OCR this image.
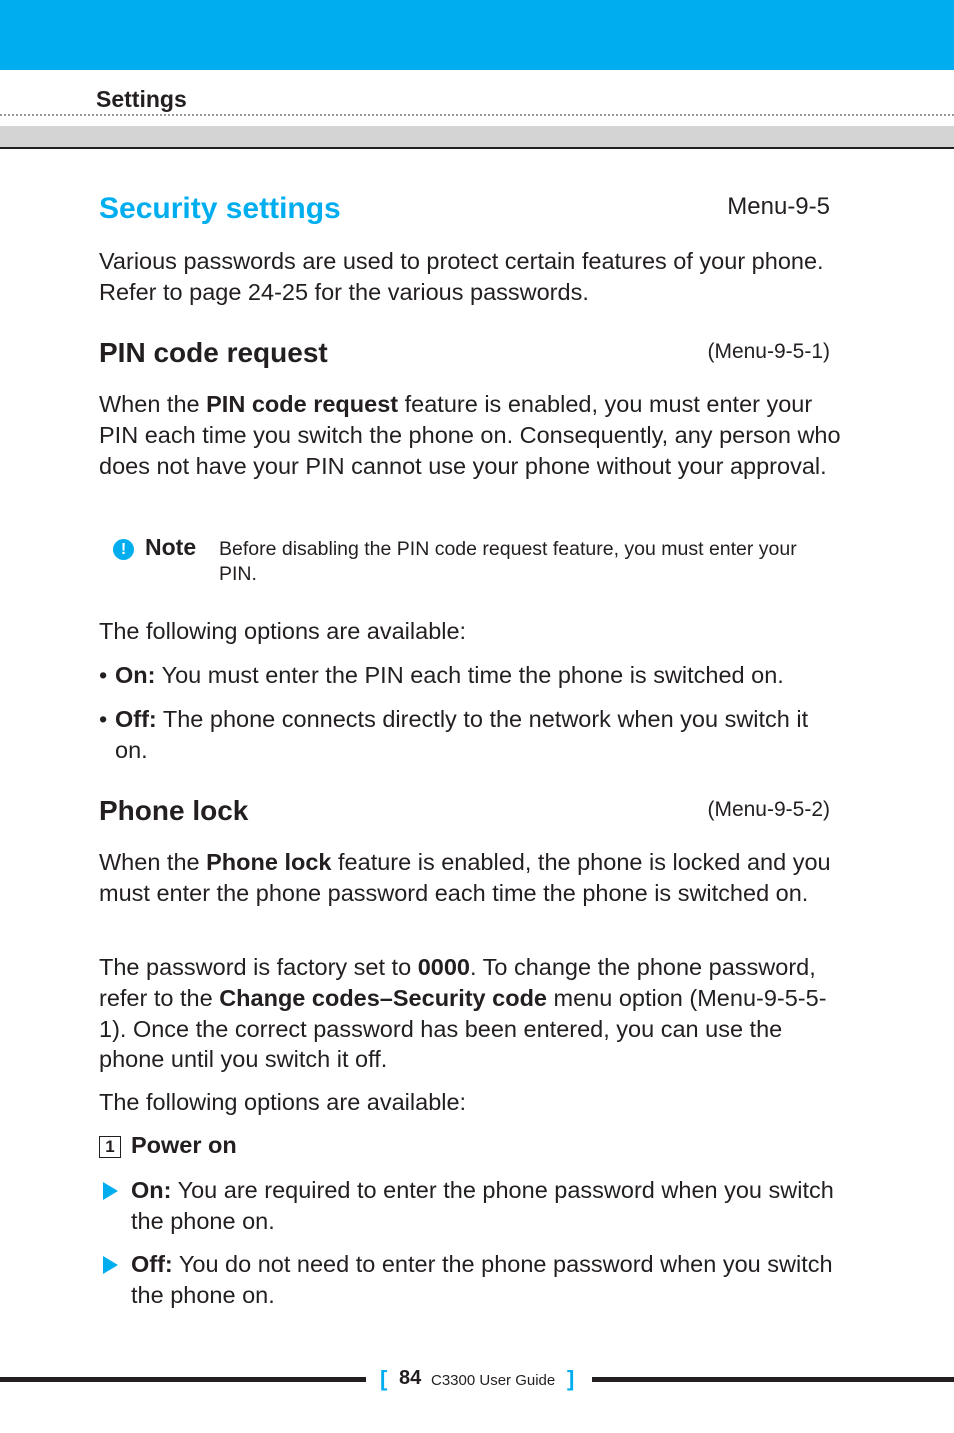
Settings
Security settings	Menu-9-5

Various passwords are used to protect certain features of your phone. Refer to page 24-25 for the various passwords.

PIN code request	(Menu-9-5-1)

When the PIN code request feature is enabled, you must enter your PIN each time you switch the phone on. Consequently, any person who does not have your PIN cannot use your phone without your approval.

! Note Before disabling the PIN code request feature, you must enter your PIN.

The following options are available:

• On: You must enter the PIN each time the phone is switched on.
• Off: The phone connects directly to the network when you switch it on.
Phone lock	(Menu-9-5-2)

When the Phone lock feature is enabled, the phone is locked and you must enter the phone password each time the phone is switched on.

The password is factory set to 0000. To change the phone password, refer to the Change codes–Security code menu option (Menu-9-5-5-1). Once the correct password has been entered, you can use the phone until you switch it off.

The following options are available:

1 Power on
On: You are required to enter the phone password when you switch the phone on.
Off: You do not need to enter the phone password when you switch the phone on.
[ 84 C3300 User Guide ]
